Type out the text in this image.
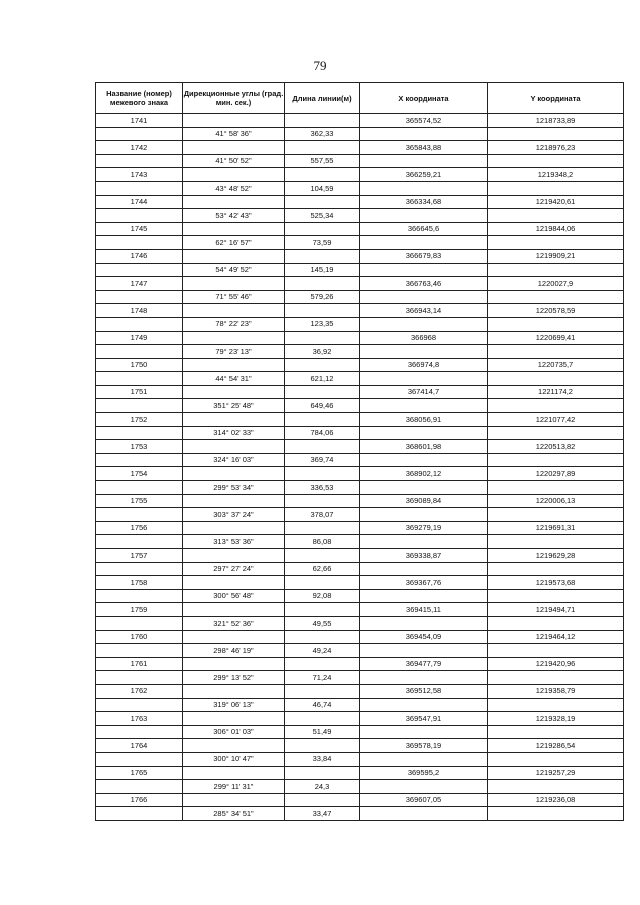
79
Название (номер) межевого знака	Дирекционные углы (град. мин. сек.)	Длина линии(м)	X координата	Y координата
1741			365574,52	1218733,89
	41° 58' 36"	362,33		
1742			365843,88	1218976,23
	41° 50' 52"	557,55		
1743			366259,21	1219348,2
	43° 48' 52"	104,59		
1744			366334,68	1219420,61
	53° 42' 43"	525,34		
1745			366645,6	1219844,06
	62° 16' 57"	73,59		
1746			366679,83	1219909,21
	54° 49' 52"	145,19		
1747			366763,46	1220027,9
	71° 55' 46"	579,26		
1748			366943,14	1220578,59
	78° 22' 23"	123,35		
1749			366968	1220699,41
	79° 23' 13"	36,92		
1750			366974,8	1220735,7
	44° 54' 31"	621,12		
1751			367414,7	1221174,2
	351° 25' 48"	649,46		
1752			368056,91	1221077,42
	314° 02' 33"	784,06		
1753			368601,98	1220513,82
	324° 16' 03"	369,74		
1754			368902,12	1220297,89
	299° 53' 34"	336,53		
1755			369089,84	1220006,13
	303° 37' 24"	378,07		
1756			369279,19	1219691,31
	313° 53' 36"	86,08		
1757			369338,87	1219629,28
	297° 27' 24"	62,66		
1758			369367,76	1219573,68
	300° 56' 48"	92,08		
1759			369415,11	1219494,71
	321° 52' 36"	49,55		
1760			369454,09	1219464,12
	298° 46' 19"	49,24		
1761			369477,79	1219420,96
	299° 13' 52"	71,24		
1762			369512,58	1219358,79
	319° 06' 13"	46,74		
1763			369547,91	1219328,19
	306° 01' 03"	51,49		
1764			369578,19	1219286,54
	300° 10' 47"	33,84		
1765			369595,2	1219257,29
	299° 11' 31"	24,3		
1766			369607,05	1219236,08
	285° 34' 51"	33,47		
